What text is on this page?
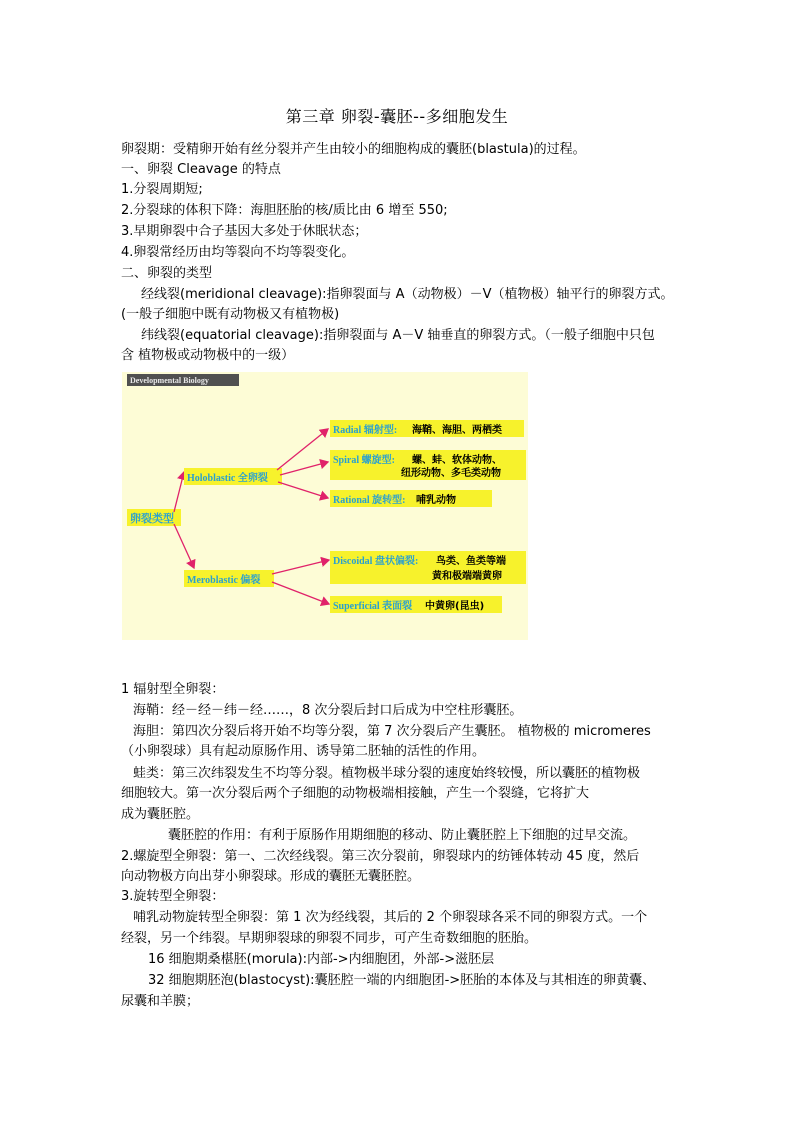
第三章 卵裂-囊胚--多细胞发生
卵裂期：受精卵开始有丝分裂并产生由较小的细胞构成的囊胚(blastula)的过程。
一、卵裂 Cleavage 的特点
1.分裂周期短;
2.分裂球的体积下降：海胆胚胎的核/质比由 6 增至 550;
3.早期卵裂中合子基因大多处于休眠状态；
4.卵裂常经历由均等裂向不均等裂变化。
二、卵裂的类型
经线裂(meridional cleavage):指卵裂面与 A（动物极）－V（植物极）轴平行的卵裂方式。
(一般子细胞中既有动物极又有植物极)
纬线裂(equatorial cleavage):指卵裂面与 A－V 轴垂直的卵裂方式。（一般子细胞中只包
含 植物极或动物极中的一级）
Developmental Biology
卵裂类型
Holoblastic 全卵裂
Radial 辐射型: 海鞘、海胆、两栖类
Spiral 螺旋型: 螺、蚌、软体动物、
纽形动物、多毛类动物
Rational 旋转型: 哺乳动物
Meroblastic 偏裂
Discoidal 盘状偏裂: 鸟类、鱼类等端
黄和极端端黄卵
Superficial 表面裂 中黄卵(昆虫)
1 辐射型全卵裂：
海鞘：经－经－纬－经……，8 次分裂后封口后成为中空柱形囊胚。
海胆：第四次分裂后将开始不均等分裂，第 7 次分裂后产生囊胚。 植物极的 micromeres
（小卵裂球）具有起动原肠作用、诱导第二胚轴的活性的作用。
蛙类：第三次纬裂发生不均等分裂。植物极半球分裂的速度始终较慢，所以囊胚的植物极
细胞较大。第一次分裂后两个子细胞的动物极端相接触，产生一个裂缝，它将扩大
成为囊胚腔。
囊胚腔的作用：有利于原肠作用期细胞的移动、防止囊胚腔上下细胞的过早交流。
2.螺旋型全卵裂：第一、二次经线裂。第三次分裂前，卵裂球内的纺锤体转动 45 度，然后
向动物极方向出芽小卵裂球。形成的囊胚无囊胚腔。
3.旋转型全卵裂：
哺乳动物旋转型全卵裂：第 1 次为经线裂，其后的 2 个卵裂球各采不同的卵裂方式。一个
经裂，另一个纬裂。早期卵裂球的卵裂不同步，可产生奇数细胞的胚胎。
16 细胞期桑椹胚(morula):内部->内细胞团，外部->滋胚层
32 细胞期胚泡(blastocyst):囊胚腔一端的内细胞团->胚胎的本体及与其相连的卵黄囊、
尿囊和羊膜；
